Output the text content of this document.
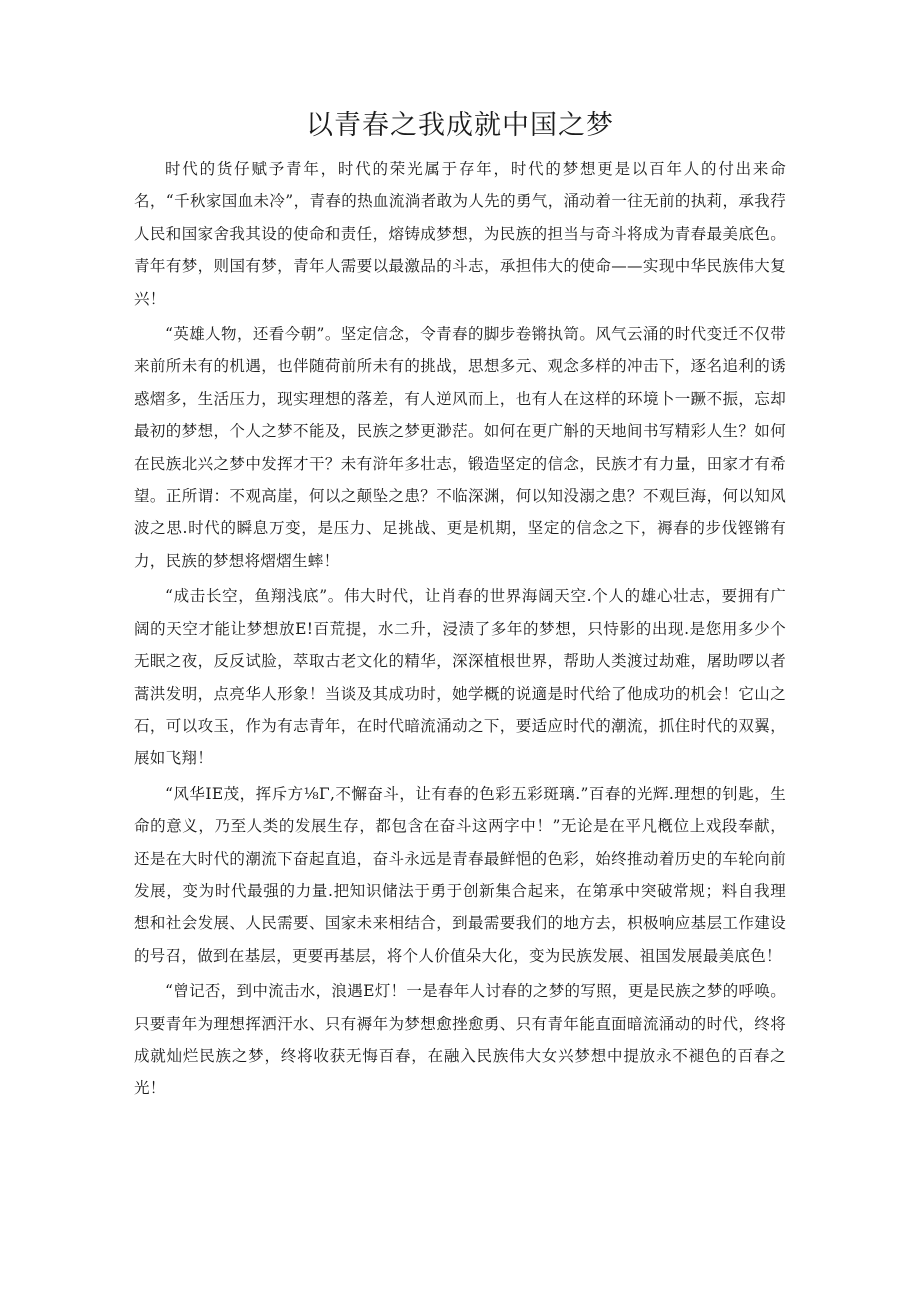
以青春之我成就中国之梦

时代的货仔赋予青年，时代的荣光属于存年，时代的梦想更是以百年人的付出来命名，“千秋家国血未冷”，青春的热血流淌者敢为人先的勇气，涌动着一往无前的执莉，承我荇人民和国家舍我其设的使命和责任，熔铸成梦想，为民族的担当与奇斗将成为青春最美底色。青年有梦，则国有梦，青年人需要以最激品的斗志，承担伟大的使命——实现中华民族伟大复兴！

“英雄人物，还看今朝”。坚定信念，令青春的脚步卷锵执笥。风气云涌的时代变迁不仅带来前所未有的机遇，也伴随荷前所未有的挑战，思想多元、观念多样的冲击下，逐名追利的诱惑熠多，生活压力，现实理想的落差，有人逆风而上，也有人在这样的环境卜一蹶不振，忘却最初的梦想，个人之梦不能及，民族之梦更渺茫。如何在更广斛的天地间书写精彩人生？如何在民族北兴之梦中发挥才干？未有浒年多壮志，锻造坚定的信念，民族才有力量，田家才有希望。正所谓：不观高崖，何以之颠坠之患？不临深渊，何以知没溺之患？不观巨海，何以知风波之思.时代的瞬息万变，是压力、足挑战、更是机期，坚定的信念之下，褥春的步伐铿锵有力，民族的梦想将熠熠生蟀！

“成击长空，鱼翔浅底”。伟大时代，让肖春的世界海阔天空.个人的雄心壮志，要拥有广阔的天空才能让梦想放E!百荒提，水二升，浸渍了多年的梦想，只恃影的出现.是您用多少个无眠之夜，反反试脸，萃取古老文化的精华，深深植根世界，帮助人类渡过劫难，屠助啰以者蒿洪发明，点亮华人形象！当谈及其成功时，她学概的说適是时代给了他成功的机会！它山之石，可以攻玉，作为有志青年，在时代暗流涌动之下，要适应时代的潮流，抓住时代的双翼，展如飞翔！

“风华IE茂，挥斥方⅛Γ,不懈奋斗，让有春的色彩五彩斑璃.”百春的光辉.理想的钊匙，生命的意义，乃至人类的发展生存，都包含在奋斗这两字中！”无论是在平凡槪位上戏段奉献，还是在大时代的潮流下奋起直追，奋斗永远是青春最鲜悒的色彩，始终推动着历史的车轮向前发展，变为时代最强的力量.把知识储法于勇于创新集合起来，在第承中突破常规；料自我理想和社会发展、人民需要、国家未来相结合，到最需要我们的地方去，枳极响应基层工作建设的号召，做到在基层，更要再基层，将个人价值朵大化，变为民族发展、祖国发展最美底色！

“曾记否，到中流击水，浪遇E灯！一是春年人讨春的之梦的写照，更是民族之梦的呼唤。只要青年为理想挥洒汗水、只有褥年为梦想愈挫愈勇、只有青年能直面暗流涌动的时代，终将成就灿烂民族之梦，终将收获无悔百春，在融入民族伟大女兴梦想中提放永不褪色的百春之光！
